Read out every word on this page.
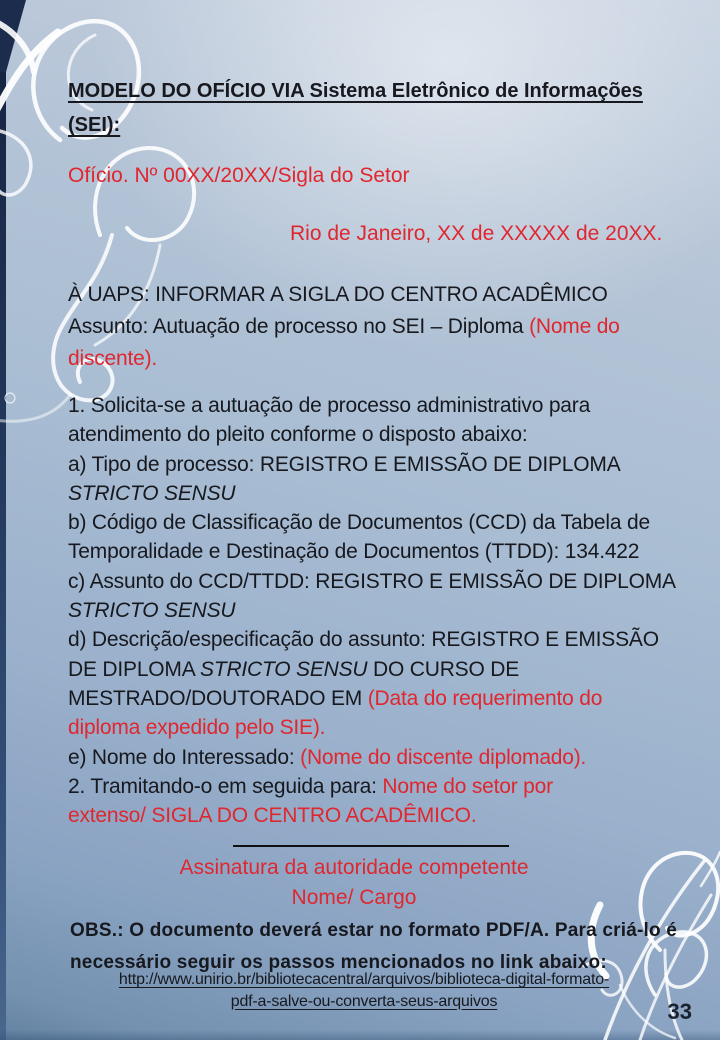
MODELO DO OFÍCIO VIA Sistema Eletrônico de Informações
(SEI):
Ofício. Nº 00XX/20XX/Sigla do Setor
Rio de Janeiro, XX de XXXXX de 20XX.
À UAPS: INFORMAR A SIGLA DO CENTRO ACADÊMICO
Assunto: Autuação de processo no SEI – Diploma (Nome do
discente).
1. Solicita-se a autuação de processo administrativo para
atendimento do pleito conforme o disposto abaixo:
a) Tipo de processo: REGISTRO E EMISSÃO DE DIPLOMA
STRICTO SENSU
b) Código de Classificação de Documentos (CCD) da Tabela de
Temporalidade e Destinação de Documentos (TTDD): 134.422
c) Assunto do CCD/TTDD: REGISTRO E EMISSÃO DE DIPLOMA
STRICTO SENSU
d) Descrição/especificação do assunto: REGISTRO E EMISSÃO
DE DIPLOMA STRICTO SENSU DO CURSO DE
MESTRADO/DOUTORADO EM (Data do requerimento do
diploma expedido pelo SIE).
e) Nome do Interessado: (Nome do discente diplomado).
2. Tramitando-o em seguida para: Nome do setor por
extenso/ SIGLA DO CENTRO ACADÊMICO.
Assinatura da autoridade competente
Nome/ Cargo
OBS.: O documento deverá estar no formato PDF/A. Para criá-lo é
necessário seguir os passos mencionados no link abaixo:
http://www.unirio.br/bibliotecacentral/arquivos/biblioteca-digital-formato-
pdf-a-salve-ou-converta-seus-arquivos	33
